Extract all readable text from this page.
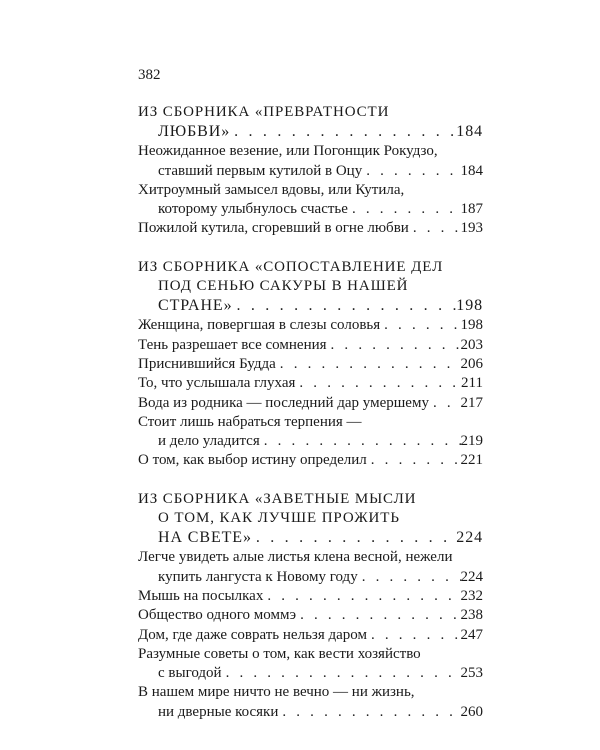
382
ИЗ СБОРНИКА «ПРЕВРАТНОСТИ
ЛЮБВИ» . . .	184
Неожиданное везение, или Погонщик Рокудзо,
ставший первым кутилой в Оцу . . .	184
Хитроумный замысел вдовы, или Кутила,
которому улыбнулось счастье . . .	187
Пожилой кутила, сгоревший в огне любви . . .	193
ИЗ СБОРНИКА «СОПОСТАВЛЕНИЕ ДЕЛ
ПОД СЕНЬЮ САКУРЫ В НАШЕЙ
СТРАНЕ» . . .	198
Женщина, повергшая в слезы соловья . . .	198
Тень разрешает все сомнения . . .	203
Приснившийся Будда . . .	206
То, что услышала глухая . . .	211
Вода из родника — последний дар умершему . . . 217
Стоит лишь набраться терпения —
и дело уладится . . .	219
О том, как выбор истину определил . . .	221
ИЗ СБОРНИКА «ЗАВЕТНЫЕ МЫСЛИ
О ТОМ, КАК ЛУЧШЕ ПРОЖИТЬ
НА СВЕТЕ» . . .	224
Легче увидеть алые листья клена весной, нежели
купить лангуста к Новому году . . .	224
Мышь на посылках . . .	232
Общество одного моммэ . . .	238
Дом, где даже соврать нельзя даром . . .	247
Разумные советы о том, как вести хозяйство
с выгодой . . .	253
В нашем мире ничто не вечно — ни жизнь,
ни дверные косяки . . .	260
